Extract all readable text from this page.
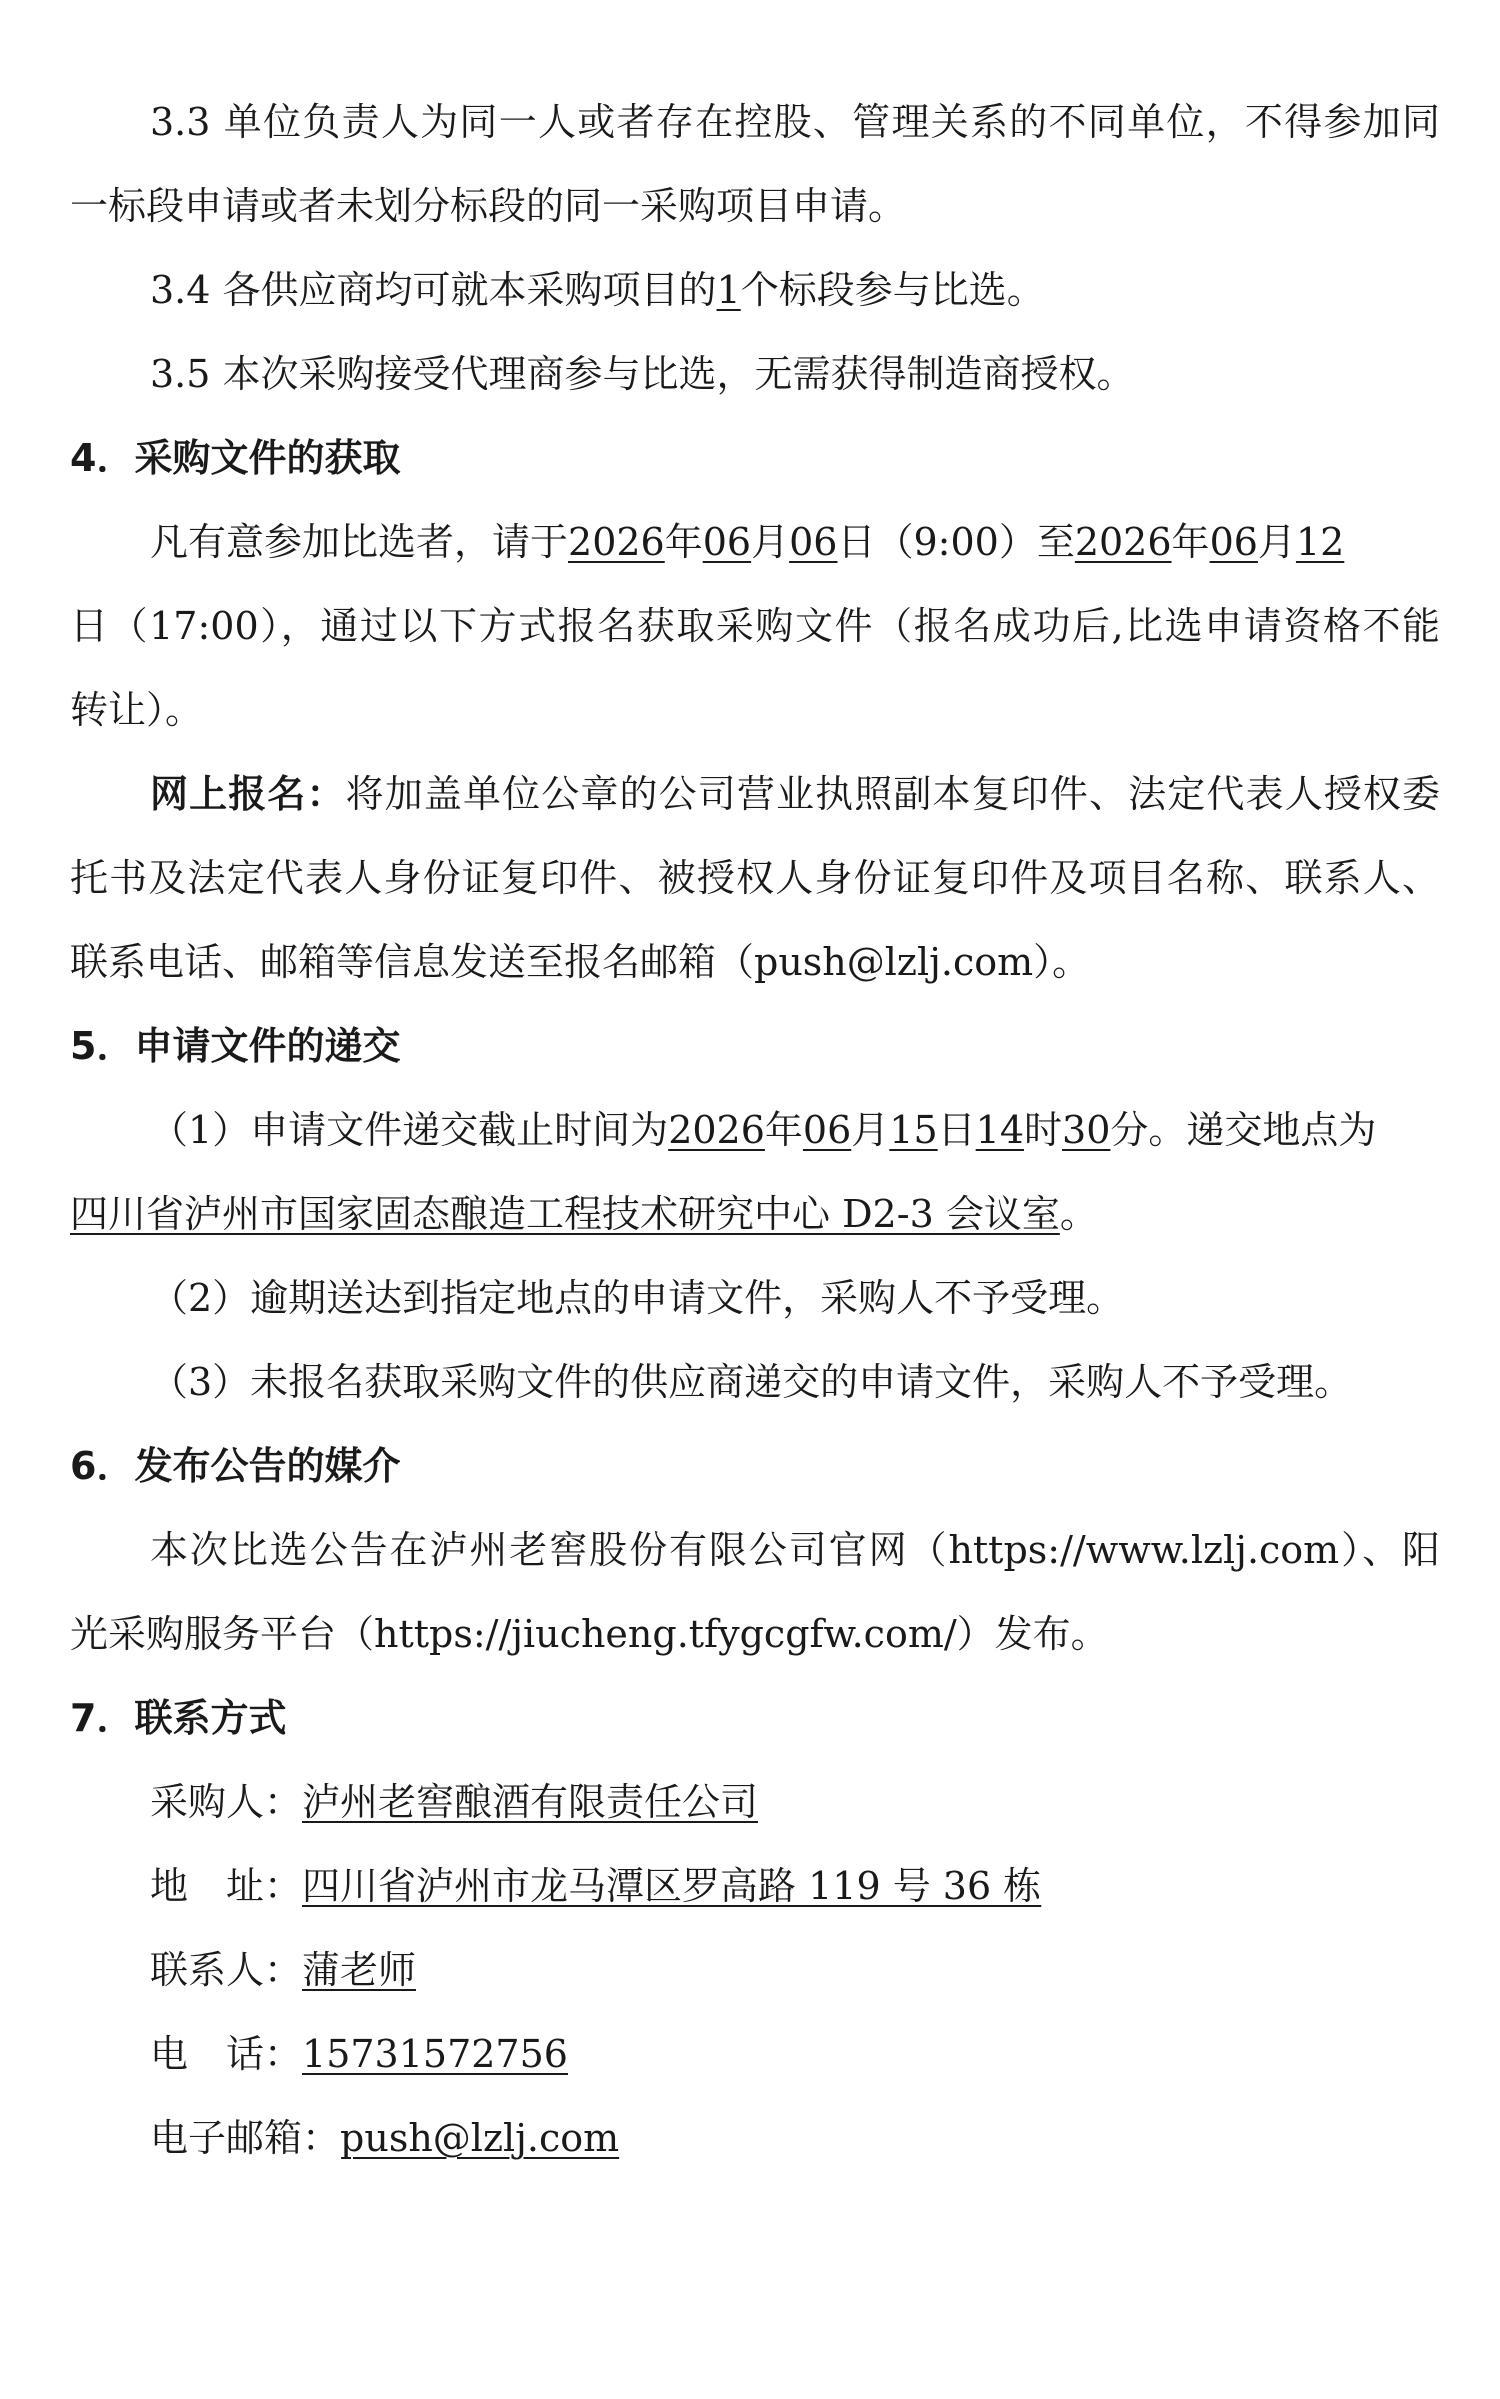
3.3 单位负责人为同一人或者存在控股、管理关系的不同单位，不得参加同
一标段申请或者未划分标段的同一采购项目申请。
3.4 各供应商均可就本采购项目的1个标段参与比选。
3.5 本次采购接受代理商参与比选，无需获得制造商授权。
4．采购文件的获取
凡有意参加比选者，请于2026年06月06日（9:00）至2026年06月12
日（17:00），通过以下方式报名获取采购文件（报名成功后,比选申请资格不能
转让）。
网上报名：将加盖单位公章的公司营业执照副本复印件、法定代表人授权委
托书及法定代表人身份证复印件、被授权人身份证复印件及项目名称、联系人、
联系电话、邮箱等信息发送至报名邮箱（push@lzlj.com）。
5．申请文件的递交
（1）申请文件递交截止时间为2026年06月15日14时30分。递交地点为
四川省泸州市国家固态酿造工程技术研究中心 D2-3 会议室。
（2）逾期送达到指定地点的申请文件，采购人不予受理。
（3）未报名获取采购文件的供应商递交的申请文件，采购人不予受理。
6．发布公告的媒介
本次比选公告在泸州老窖股份有限公司官网（https://www.lzlj.com）、阳
光采购服务平台（https://jiucheng.tfygcgfw.com/）发布。
7．联系方式
采购人：泸州老窖酿酒有限责任公司
地　址：四川省泸州市龙马潭区罗高路 119 号 36 栋
联系人：蒲老师
电　话：15731572756
电子邮箱：push@lzlj.com
